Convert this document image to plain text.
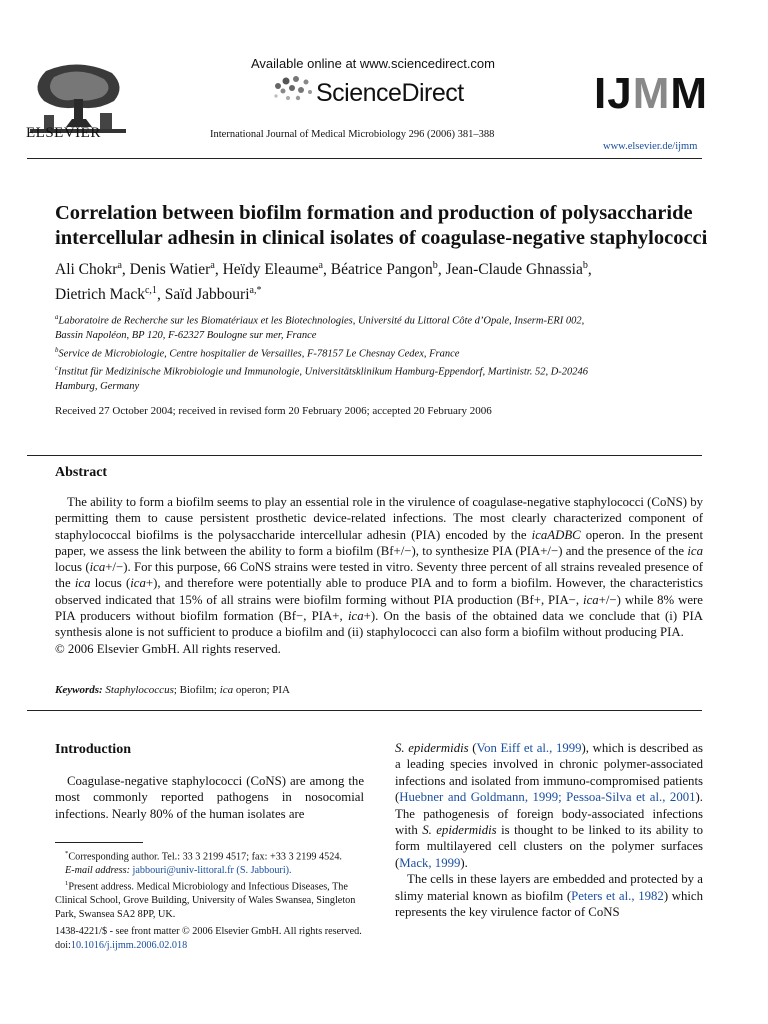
ELSEVIER
Available online at www.sciencedirect.com
ScienceDirect
International Journal of Medical Microbiology 296 (2006) 381–388
IJMM
www.elsevier.de/ijmm
Correlation between biofilm formation and production of polysaccharide
intercellular adhesin in clinical isolates of coagulase-negative staphylococci
Ali Chokr$^a$, Denis Watier$^a$, Heïdy Eleaume$^a$, Béatrice Pangon$^b$, Jean-Claude Ghnassia$^b$,
Dietrich Mack$^{c,1}$, Saïd Jabbouri$^{a,*}$
$^a$Laboratoire de Recherche sur les Biomatériaux et les Biotechnologies, Université du Littoral Côte d’Opale, Inserm-ERI 002,
Bassin Napoléon, BP 120, F-62327 Boulogne sur mer, France
$^b$Service de Microbiologie, Centre hospitalier de Versailles, F-78157 Le Chesnay Cedex, France
$^c$Institut für Medizinische Mikrobiologie und Immunologie, Universitätsklinikum Hamburg-Eppendorf, Martinistr. 52, D-20246
Hamburg, Germany
Received 27 October 2004; received in revised form 20 February 2006; accepted 20 February 2006
Abstract

The ability to form a biofilm seems to play an essential role in the virulence of coagulase-negative staphylococci (CoNS) by permitting them to cause persistent prosthetic device-related infections. The most clearly characterized component of staphylococcal biofilms is the polysaccharide intercellular adhesin (PIA) encoded by the icaADBC operon. In the present paper, we assess the link between the ability to form a biofilm (Bf+/−), to synthesize PIA (PIA+/−) and the presence of the ica locus (ica+/−). For this purpose, 66 CoNS strains were tested in vitro. Seventy three percent of all strains revealed presence of the ica locus (ica+), and therefore were potentially able to produce PIA and to form a biofilm. However, the characteristics observed indicated that 15% of all strains were biofilm forming without PIA production (Bf+, PIA−, ica+/−) while 8% were PIA producers without biofilm formation (Bf−, PIA+, ica+). On the basis of the obtained data we conclude that (i) PIA synthesis alone is not sufficient to produce a biofilm and (ii) staphylococci can also form a biofilm without producing PIA.

© 2006 Elsevier GmbH. All rights reserved.
Keywords: Staphylococcus; Biofilm; ica operon; PIA
Introduction

Coagulase-negative staphylococci (CoNS) are among the most commonly reported pathogens in nosocomial infections. Nearly 80% of the human isolates are

S. epidermidis (Von Eiff et al., 1999), which is described as a leading species involved in chronic polymer-associated infections and isolated from immuno-compromised patients (Huebner and Goldmann, 1999; Pessoa-Silva et al., 2001). The pathogenesis of foreign body-associated infections with S. epidermidis is thought to be linked to its ability to form multilayered cell clusters on the polymer surfaces (Mack, 1999).

The cells in these layers are embedded and protected by a slimy material known as biofilm (Peters et al., 1982) which represents the key virulence factor of CoNS

*Corresponding author. Tel.: 33 3 2199 4517; fax: +33 3 2199 4524.

E-mail address: jabbouri@univ-littoral.fr (S. Jabbouri).

$^1$Present address. Medical Microbiology and Infectious Diseases, The Clinical School, Grove Building, University of Wales Swansea, Singleton Park, Swansea SA2 8PP, UK.

1438-4221/$ - see front matter © 2006 Elsevier GmbH. All rights reserved.
doi:10.1016/j.ijmm.2006.02.018
